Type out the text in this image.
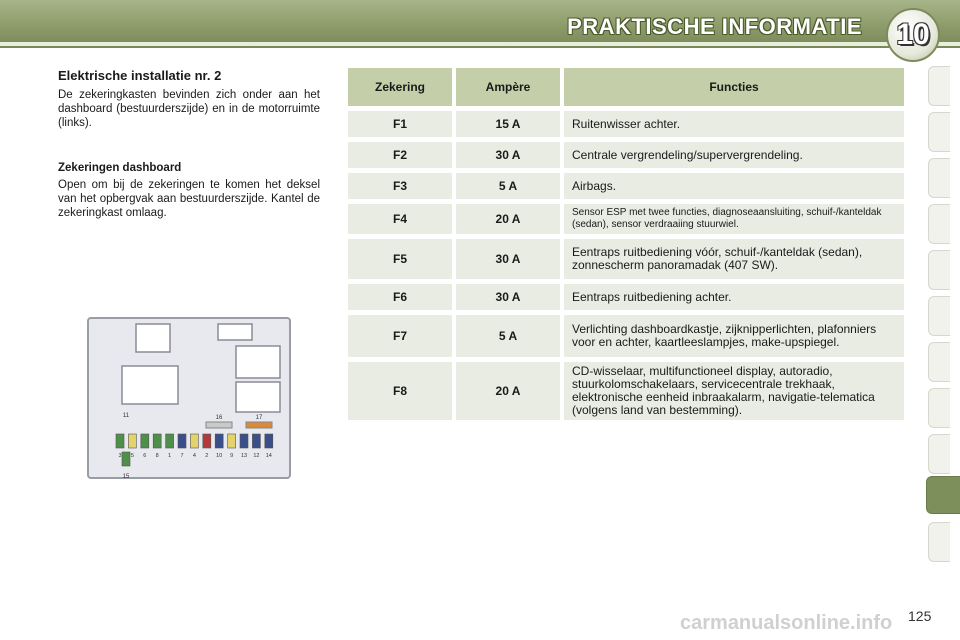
PRAKTISCHE INFORMATIE 10
Elektrische installatie nr. 2
De zekeringkasten bevinden zich onder aan het dashboard (bestuurderszijde) en in de motorruimte (links).
Zekeringen dashboard
Open om bij de zekeringen te komen het deksel van het opbergvak aan bestuurderszijde. Kantel de zekeringkast omlaag.
11	16	17
3 5 6 8 1 7 4 2 10 9 13 12 14
15
Zekering	Ampère	Functies

F1	15 A	Ruitenwisser achter.

F2	30 A	Centrale vergrendeling/supervergrendeling.

F3	5 A	Airbags.

F4	20 A	Sensor ESP met twee functies, diagnoseaansluiting, schuif-/kanteldak (sedan), sensor verdraaiing stuurwiel.

F5	30 A	Eentraps ruitbediening vóór, schuif-/kanteldak (sedan), zonnescherm panoramadak (407 SW).

F6	30 A	Eentraps ruitbediening achter.

F7	5 A	Verlichting dashboardkastje, zijknipperlichten, plafonniers voor en achter, kaartleeslampjes, make-upspiegel.

F8	20 A	CD-wisselaar, multifunctioneel display, autoradio, stuurkolomschakelaars, servicecentrale trekhaak, elektronische eenheid inbraakalarm, navigatie-telematica (volgens land van bestemming).
125
carmanualsonline.info
